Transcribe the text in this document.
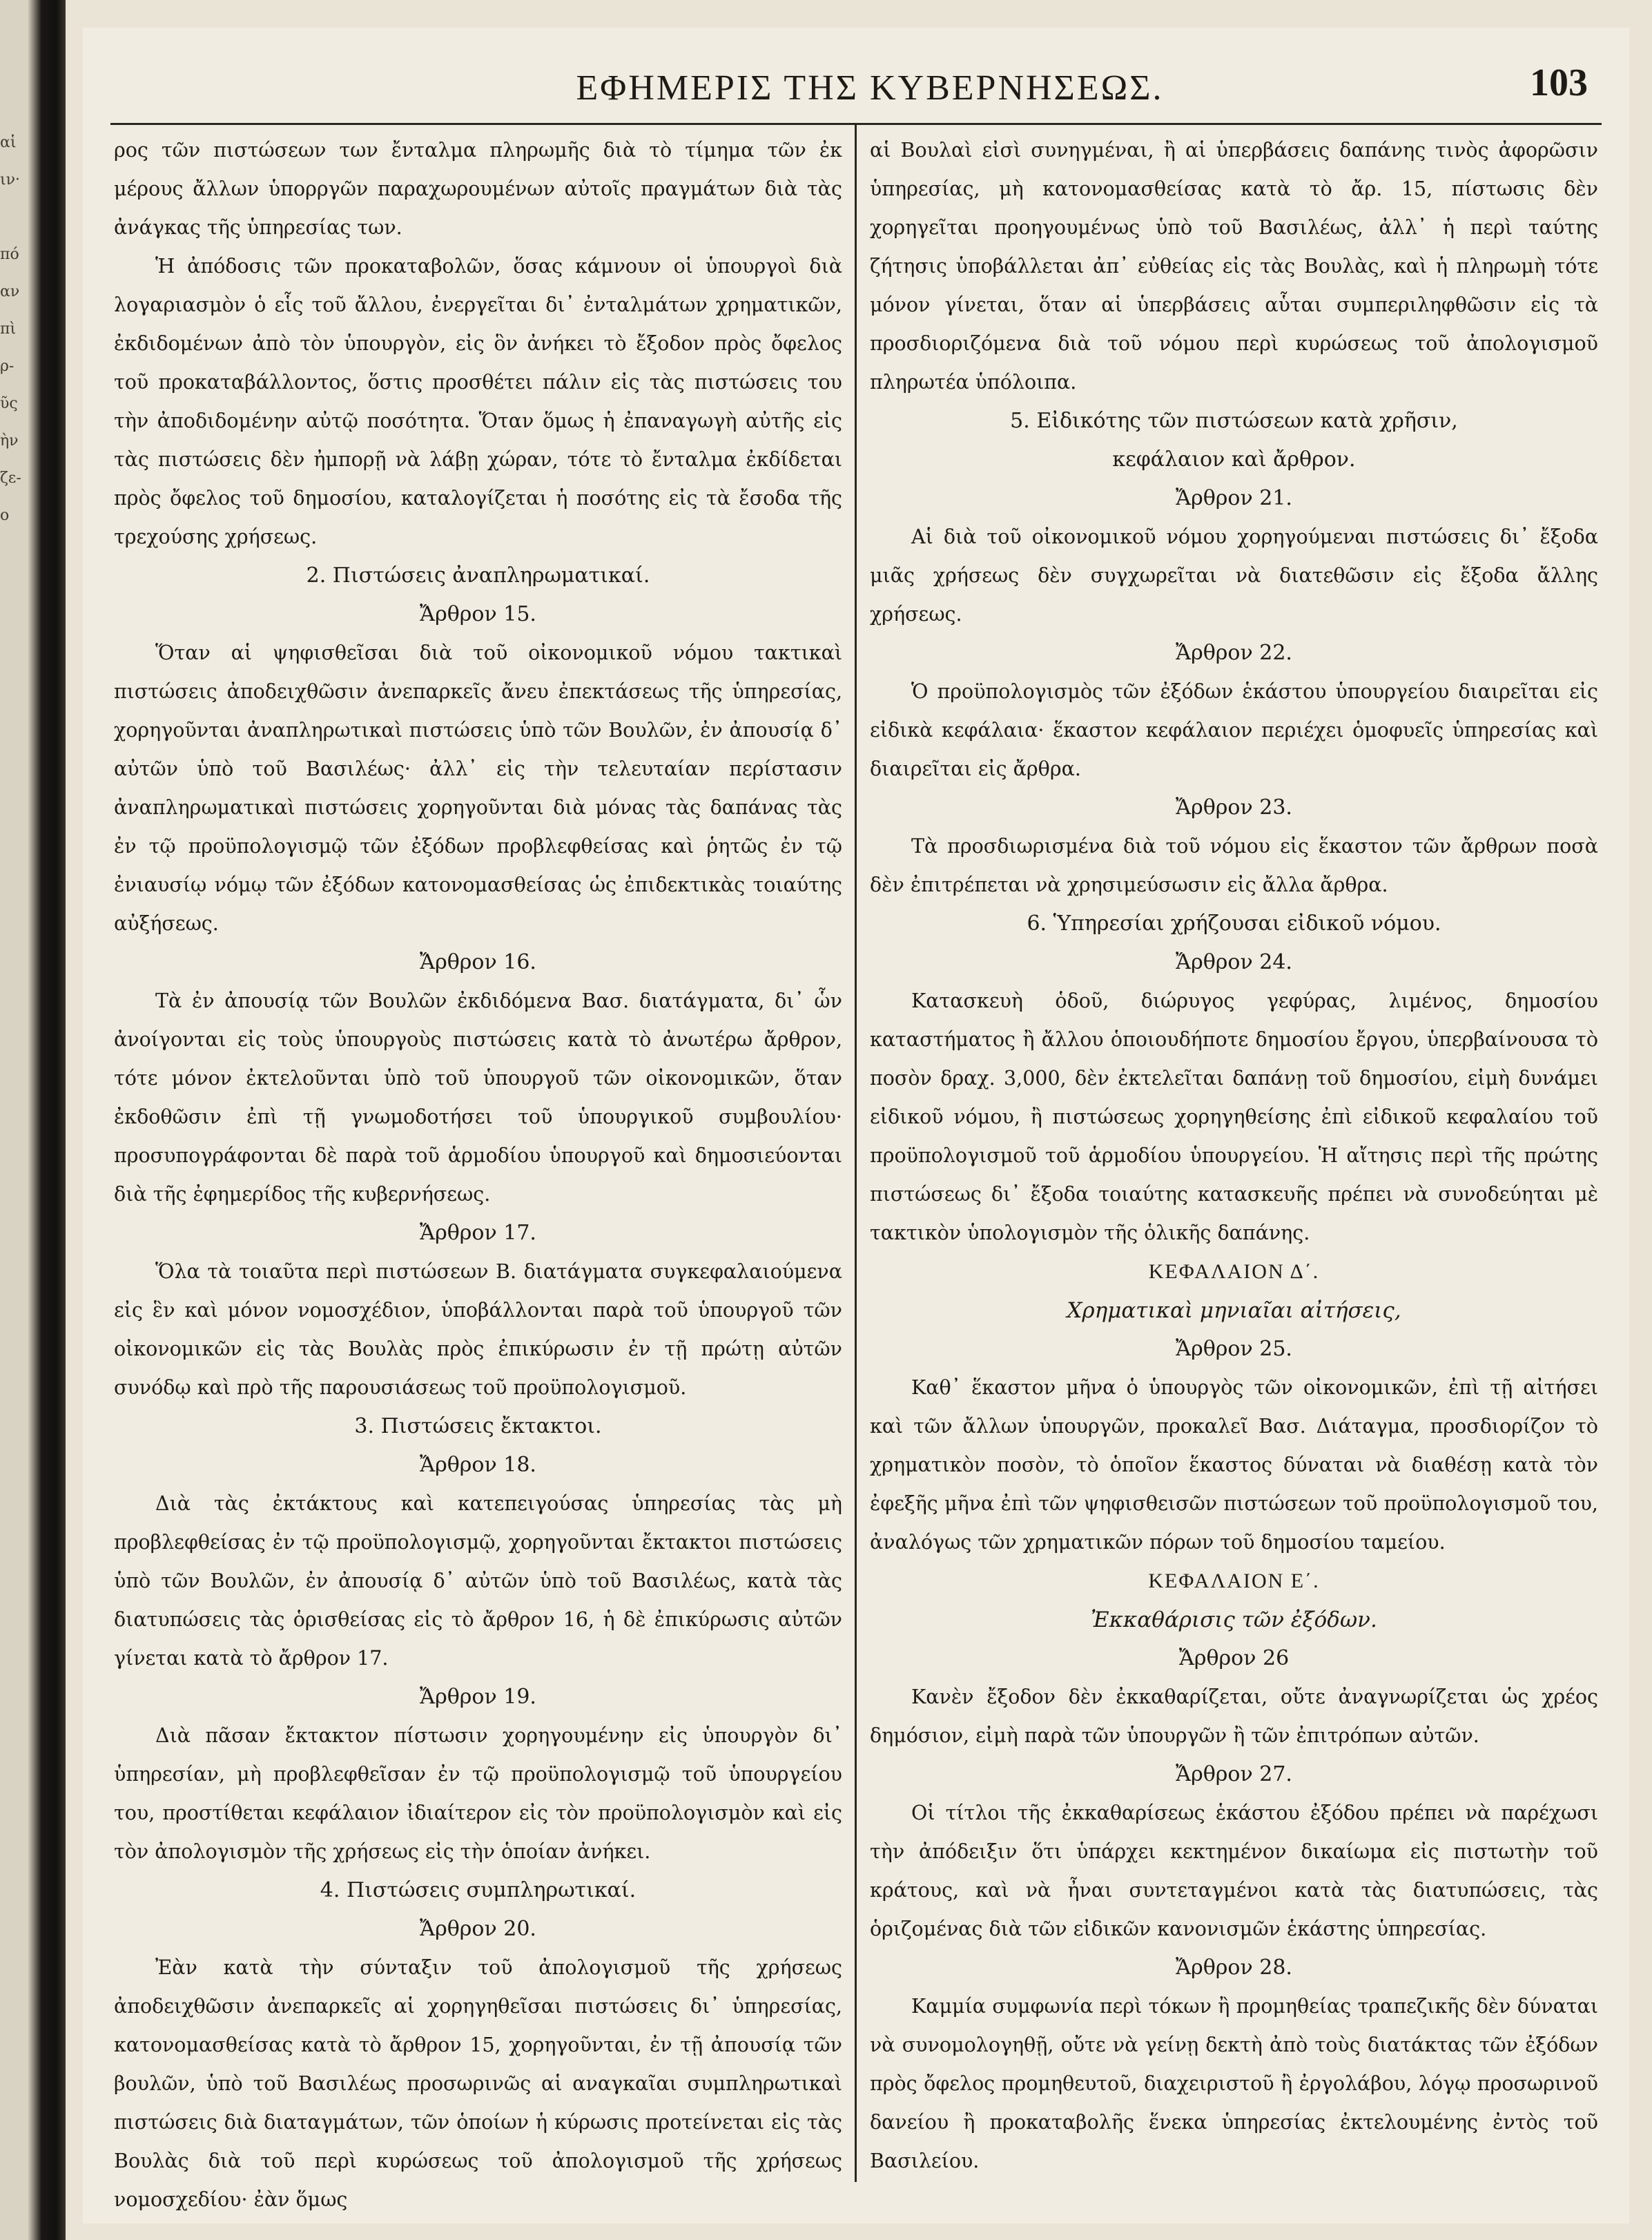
αἱ
ιν·
πό
αν
πὶ
ρ-
ῦς
ὴν
ζε-
ο
ΕΦΗΜΕΡΙΣ ΤΗΣ ΚΥΒΕΡΝΗΣΕΩΣ.	103
ρος τῶν πιστώσεων των ἔνταλμα πληρωμῆς διὰ τὸ τίμημα τῶν ἐκ μέρους ἄλλων ὑπορργῶν παραχωρουμένων αὐτοῖς πραγμάτων διὰ τὰς ἀνάγκας τῆς ὑπηρεσίας των.
Ἡ ἀπόδοσις τῶν προκαταβολῶν, ὅσας κάμνουν οἱ ὑπουργοὶ διὰ λογαριασμὸν ὁ εἷς τοῦ ἄλλου, ἐνεργεῖται δι᾽ ἐνταλμάτων χρηματικῶν, ἐκδιδομένων ἀπὸ τὸν ὑπουργὸν, εἰς ὃν ἀνήκει τὸ ἔξοδον πρὸς ὄφελος τοῦ προκαταβάλλοντος, ὅστις προσθέτει πάλιν εἰς τὰς πιστώσεις του τὴν ἀποδιδομένην αὐτῷ ποσότητα. Ὅταν ὅμως ἡ ἐπαναγωγὴ αὐτῆς εἰς τὰς πιστώσεις δὲν ἠμπορῇ νὰ λάβῃ χώραν, τότε τὸ ἔνταλμα ἐκδίδεται πρὸς ὄφελος τοῦ δημοσίου, καταλογίζεται ἡ ποσότης εἰς τὰ ἔσοδα τῆς τρεχούσης χρήσεως.
2. Πιστώσεις ἀναπληρωματικαί.
Ἄρθρον 15.
Ὅταν αἱ ψηφισθεῖσαι διὰ τοῦ οἰκονομικοῦ νόμου τακτικαὶ πιστώσεις ἀποδειχθῶσιν ἀνεπαρκεῖς ἄνευ ἐπεκτάσεως τῆς ὑπηρεσίας, χορηγοῦνται ἀναπληρωτικαὶ πιστώσεις ὑπὸ τῶν Βουλῶν, ἐν ἀπουσίᾳ δ᾽ αὐτῶν ὑπὸ τοῦ Βασιλέως· ἀλλ᾽ εἰς τὴν τελευταίαν περίστασιν ἀναπληρωματικαὶ πιστώσεις χορηγοῦνται διὰ μόνας τὰς δαπάνας τὰς ἐν τῷ προϋπολογισμῷ τῶν ἐξόδων προβλεφθείσας καὶ ῥητῶς ἐν τῷ ἐνιαυσίῳ νόμῳ τῶν ἐξόδων κατονομασθείσας ὡς ἐπιδεκτικὰς τοιαύτης αὐξήσεως.
Ἄρθρον 16.
Τὰ ἐν ἀπουσίᾳ τῶν Βουλῶν ἐκδιδόμενα Βασ. διατάγματα, δι᾽ ὧν ἀνοίγονται εἰς τοὺς ὑπουργοὺς πιστώσεις κατὰ τὸ ἀνωτέρω ἄρθρον, τότε μόνον ἐκτελοῦνται ὑπὸ τοῦ ὑπουργοῦ τῶν οἰκονομικῶν, ὅταν ἐκδοθῶσιν ἐπὶ τῇ γνωμοδοτήσει τοῦ ὑπουργικοῦ συμβουλίου· προσυπογράφονται δὲ παρὰ τοῦ ἁρμοδίου ὑπουργοῦ καὶ δημοσιεύονται διὰ τῆς ἐφημερίδος τῆς κυβερνήσεως.
Ἄρθρον 17.
Ὅλα τὰ τοιαῦτα περὶ πιστώσεων Β. διατάγματα συγκεφαλαιούμενα εἰς ἓν καὶ μόνον νομοσχέδιον, ὑποβάλλονται παρὰ τοῦ ὑπουργοῦ τῶν οἰκονομικῶν εἰς τὰς Βουλὰς πρὸς ἐπικύρωσιν ἐν τῇ πρώτῃ αὐτῶν συνόδῳ καὶ πρὸ τῆς παρουσιάσεως τοῦ προϋπολογισμοῦ.
3. Πιστώσεις ἔκτακτοι.
Ἄρθρον 18.
Διὰ τὰς ἐκτάκτους καὶ κατεπειγούσας ὑπηρεσίας τὰς μὴ προβλεφθείσας ἐν τῷ προϋπολογισμῷ, χορηγοῦνται ἔκτακτοι πιστώσεις ὑπὸ τῶν Βουλῶν, ἐν ἀπουσίᾳ δ᾽ αὐτῶν ὑπὸ τοῦ Βασιλέως, κατὰ τὰς διατυπώσεις τὰς ὁρισθείσας εἰς τὸ ἄρθρον 16, ἡ δὲ ἐπικύρωσις αὐτῶν γίνεται κατὰ τὸ ἄρθρον 17.
Ἄρθρον 19.
Διὰ πᾶσαν ἔκτακτον πίστωσιν χορηγουμένην εἰς ὑπουργὸν δι᾽ ὑπηρεσίαν, μὴ προβλεφθεῖσαν ἐν τῷ προϋπολογισμῷ τοῦ ὑπουργείου του, προστίθεται κεφάλαιον ἰδιαίτερον εἰς τὸν προϋπολογισμὸν καὶ εἰς τὸν ἀπολογισμὸν τῆς χρήσεως εἰς τὴν ὁποίαν ἀνήκει.
4. Πιστώσεις συμπληρωτικαί.
Ἄρθρον 20.
Ἐὰν κατὰ τὴν σύνταξιν τοῦ ἀπολογισμοῦ τῆς χρήσεως ἀποδειχθῶσιν ἀνεπαρκεῖς αἱ χορηγηθεῖσαι πιστώσεις δι᾽ ὑπηρεσίας, κατονομασθείσας κατὰ τὸ ἄρθρον 15, χορηγοῦνται, ἐν τῇ ἀπουσίᾳ τῶν βουλῶν, ὑπὸ τοῦ Βασιλέως προσωρινῶς αἱ αναγκαῖαι συμπληρωτικαὶ πιστώσεις διὰ διαταγμάτων, τῶν ὁποίων ἡ κύρωσις προτείνεται εἰς τὰς Βουλὰς διὰ τοῦ περὶ κυρώσεως τοῦ ἀπολογισμοῦ τῆς χρήσεως νομοσχεδίου· ἐὰν ὅμως
αἱ Βουλαὶ εἰσὶ συνηγμέναι, ἢ αἱ ὑπερβάσεις δαπάνης τινὸς ἀφορῶσιν ὑπηρεσίας, μὴ κατονομασθείσας κατὰ τὸ ἄρ. 15, πίστωσις δὲν χορηγεῖται προηγουμένως ὑπὸ τοῦ Βασιλέως, ἀλλ᾽ ἡ περὶ ταύτης ζήτησις ὑποβάλλεται ἀπ᾽ εὐθείας εἰς τὰς Βουλὰς, καὶ ἡ πληρωμὴ τότε μόνον γίνεται, ὅταν αἱ ὑπερβάσεις αὗται συμπεριληφθῶσιν εἰς τὰ προσδιοριζόμενα διὰ τοῦ νόμου περὶ κυρώσεως τοῦ ἀπολογισμοῦ πληρωτέα ὑπόλοιπα.
5. Εἰδικότης τῶν πιστώσεων κατὰ χρῆσιν,
κεφάλαιον καὶ ἄρθρον.
Ἄρθρον 21.
Αἱ διὰ τοῦ οἰκονομικοῦ νόμου χορηγούμεναι πιστώσεις δι᾽ ἔξοδα μιᾶς χρήσεως δὲν συγχωρεῖται νὰ διατεθῶσιν εἰς ἔξοδα ἄλλης χρήσεως.
Ἄρθρον 22.
Ὁ προϋπολογισμὸς τῶν ἐξόδων ἑκάστου ὑπουργείου διαιρεῖται εἰς εἰδικὰ κεφάλαια· ἕκαστον κεφάλαιον περιέχει ὁμοφυεῖς ὑπηρεσίας καὶ διαιρεῖται εἰς ἄρθρα.
Ἄρθρον 23.
Τὰ προσδιωρισμένα διὰ τοῦ νόμου εἰς ἕκαστον τῶν ἄρθρων ποσὰ δὲν ἐπιτρέπεται νὰ χρησιμεύσωσιν εἰς ἄλλα ἄρθρα.
6. Ὑπηρεσίαι χρήζουσαι εἰδικοῦ νόμου.
Ἄρθρον 24.
Κατασκευὴ ὁδοῦ, διώρυγος γεφύρας, λιμένος, δημοσίου καταστήματος ἢ ἄλλου ὁποιουδήποτε δημοσίου ἔργου, ὑπερβαίνουσα τὸ ποσὸν δραχ. 3,000, δὲν ἐκτελεῖται δαπάνῃ τοῦ δημοσίου, εἰμὴ δυνάμει εἰδικοῦ νόμου, ἢ πιστώσεως χορηγηθείσης ἐπὶ εἰδικοῦ κεφαλαίου τοῦ προϋπολογισμοῦ τοῦ ἁρμοδίου ὑπουργείου. Ἡ αἴτησις περὶ τῆς πρώτης πιστώσεως δι᾽ ἔξοδα τοιαύτης κατασκευῆς πρέπει νὰ συνοδεύηται μὲ τακτικὸν ὑπολογισμὸν τῆς ὁλικῆς δαπάνης.
ΚΕΦΑΛΑΙΟΝ Δ΄.
Χρηματικαὶ μηνιαῖαι αἰτήσεις,
Ἄρθρον 25.
Καθ᾽ ἕκαστον μῆνα ὁ ὑπουργὸς τῶν οἰκονομικῶν, ἐπὶ τῇ αἰτήσει καὶ τῶν ἄλλων ὑπουργῶν, προκαλεῖ Βασ. Διάταγμα, προσδιορίζον τὸ χρηματικὸν ποσὸν, τὸ ὁποῖον ἕκαστος δύναται νὰ διαθέσῃ κατὰ τὸν ἐφεξῆς μῆνα ἐπὶ τῶν ψηφισθεισῶν πιστώσεων τοῦ προϋπολογισμοῦ του, ἀναλόγως τῶν χρηματικῶν πόρων τοῦ δημοσίου ταμείου.
ΚΕΦΑΛΑΙΟΝ Ε΄.
Ἐκκαθάρισις τῶν ἐξόδων.
Ἄρθρον 26
Κανὲν ἔξοδον δὲν ἐκκαθαρίζεται, οὔτε ἀναγνωρίζεται ὡς χρέος δημόσιον, εἰμὴ παρὰ τῶν ὑπουργῶν ἢ τῶν ἐπιτρόπων αὐτῶν.
Ἄρθρον 27.
Οἱ τίτλοι τῆς ἐκκαθαρίσεως ἑκάστου ἐξόδου πρέπει νὰ παρέχωσι τὴν ἀπόδειξιν ὅτι ὑπάρχει κεκτημένον δικαίωμα εἰς πιστωτὴν τοῦ κράτους, καὶ νὰ ἦναι συντεταγμένοι κατὰ τὰς διατυπώσεις, τὰς ὁριζομένας διὰ τῶν εἰδικῶν κανονισμῶν ἑκάστης ὑπηρεσίας.
Ἄρθρον 28.
Καμμία συμφωνία περὶ τόκων ἢ προμηθείας τραπεζικῆς δὲν δύναται νὰ συνομολογηθῇ, οὔτε νὰ γείνῃ δεκτὴ ἀπὸ τοὺς διατάκτας τῶν ἐξόδων πρὸς ὄφελος προμηθευτοῦ, διαχειριστοῦ ἢ ἐργολάβου, λόγῳ προσωρινοῦ δανείου ἢ προκαταβολῆς ἕνεκα ὑπηρεσίας ἐκτελουμένης ἐντὸς τοῦ Βασιλείου.
